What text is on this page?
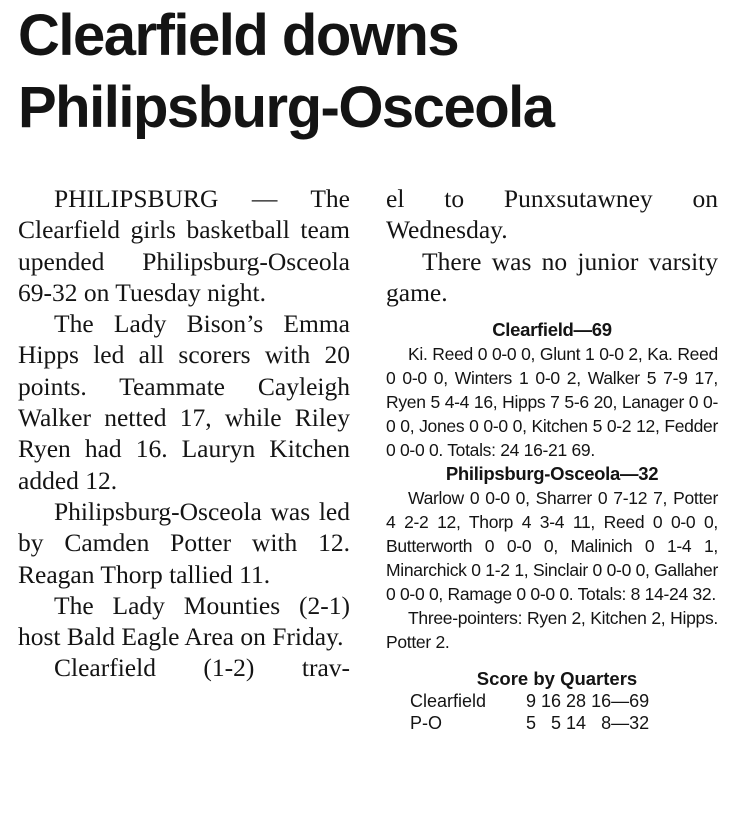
Clearfield downs Philipsburg-Osceola

PHILIPSBURG — The Clearfield girls basketball team upended Philipsburg-Osceola 69-32 on Tuesday night.

The Lady Bison’s Emma Hipps led all scorers with 20 points. Teammate Cayleigh Walker netted 17, while Riley Ryen had 16. Lauryn Kitchen added 12.

Philipsburg-Osceola was led by Camden Potter with 12. Reagan Thorp tallied 11.

The Lady Mounties (2-1) host Bald Eagle Area on Friday.

Clearfield (1-2) trav-

el to Punxsutawney on Wednesday.

There was no junior varsity game.

Clearfield—69

Ki. Reed 0 0-0 0, Glunt 1 0-0 2, Ka. Reed 0 0-0 0, Winters 1 0-0 2, Walker 5 7-9 17, Ryen 5 4-4 16, Hipps 7 5-6 20, Lanager 0 0-0 0, Jones 0 0-0 0, Kitchen 5 0-2 12, Fedder 0 0-0 0. Totals: 24 16-21 69.

Philipsburg-Osceola—32

Warlow 0 0-0 0, Sharrer 0 7-12 7, Potter 4 2-2 12, Thorp 4 3-4 11, Reed 0 0-0 0, Butterworth 0 0-0 0, Malinich 0 1-4 1, Minarchick 0 1-2 1, Sinclair 0 0-0 0, Gallaher 0 0-0 0, Ramage 0 0-0 0. Totals: 8 14-24 32.

Three-pointers: Ryen 2, Kitchen 2, Hipps. Potter 2.

Score by Quarters
Clearfield	9	16	28	16	—69
P-O	5	5	14	8	—32
